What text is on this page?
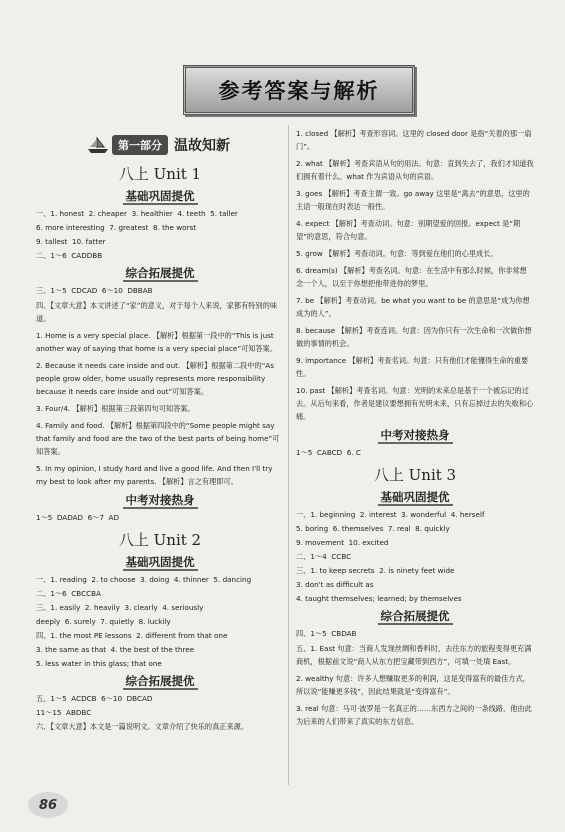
参考答案与解析
第一部分 温故知新
八上 Unit 1
基础巩固提优
一、1. honest  2. cheaper  3. healthier  4. teeth  5. taller
6. more interesting  7. greatest  8. the worst
9. tallest  10. fatter
二、1～6  CADDBB
综合拓展提优
三、1～5  CDCAD  6～10  DBBAB
四、【文章大意】本文讲述了“家”的意义，对于每个人来说，家都有特别的味道。
1. Home is a very special place. 【解析】根据第一段中的“This is just another way of saying that home is a very special place”可知答案。
2. Because it needs care inside and out. 【解析】根据第二段中的“As people grow older, home usually represents more responsibility because it needs care inside and out”可知答案。
3. Four/4. 【解析】根据第三段第四句可知答案。
4. Family and food. 【解析】根据第四段中的“Some people might say that family and food are the two of the best parts of being home”可知答案。
5. In my opinion, I study hard and live a good life. And then I'll try my best to look after my parents. 【解析】言之有理即可。
中考对接热身
1～5  DADAD  6～7  AD
八上 Unit 2
基础巩固提优
一、1. reading  2. to choose  3. doing  4. thinner  5. dancing
二、1～6  CBCCBA
三、1. easily  2. heavily  3. clearly  4. seriously
deeply  6. surely  7. quietly  8. luckily
四、1. the most PE lessons  2. different from that one
3. the same as that  4. the best of the three
5. less water in this glass; that one
综合拓展提优
五、1～5  ACDCB  6～10  DBCAD
11～15  ABDBC
六、【文章大意】本文是一篇说明文。文章介绍了快乐的真正来源。
1. closed 【解析】考查形容词。这里的 closed door 是指“关着的那一扇门”。
2. what 【解析】考查宾语从句的用法。句意：直到失去了，我们才知道我们拥有着什么。what 作为宾语从句的宾语。
3. goes 【解析】考查主谓一致。go away 这里是“离去”的意思，这里的主语一般现在时表达一般性。
4. expect 【解析】考查动词。句意：别期望爱的回报。expect 是“期望”的意思，符合句意。
5. grow 【解析】考查动词。句意：等到爱在他们的心里成长。
6. dream(s) 【解析】考查名词。句意：在生活中有那么时候，你非常想念一个人，以至于你想把他带进你的梦里。
7. be 【解析】考查动词。be what you want to be 的意思是“成为你想成为的人”。
8. because 【解析】考查连词。句意：因为你只有一次生命和一次做你想做的事情的机会。
9. importance 【解析】考查名词。句意：只有他们才能懂得生命的重要性。
10. past 【解析】考查名词。句意：光明的未来总是基于一个被忘记的过去。从后句来看，作者是建议要想拥有光明未来，只有忘掉过去的失败和心痛。
中考对接热身
1～5  CABCD  6. C
八上 Unit 3
基础巩固提优
一、1. beginning  2. interest  3. wonderful  4. herself
5. boring  6. themselves  7. real  8. quickly
9. movement  10. excited
二、1～4  CCBC
三、1. to keep secrets  2. is ninety feet wide
3. don't as difficult as
4. taught themselves; learned; by themselves
综合拓展提优
四、1～5  CBDAB
五、1. East 句意：当商人发现丝绸和香料时，去往东方的旅程变得更充满商机，根据前文说“商人从东方把宝藏带到西方”，可填一处填 East。
2. wealthy 句意：许多人想赚取更多的利润，这是变得富有的最佳方式，所以说“能赚更多钱”，因此结果就是“变得富有”。
3. real 句意：马可·波罗是一名真正的……东西方之间的一条线路，他由此为后来的人们带来了真实的东方信息。
86
